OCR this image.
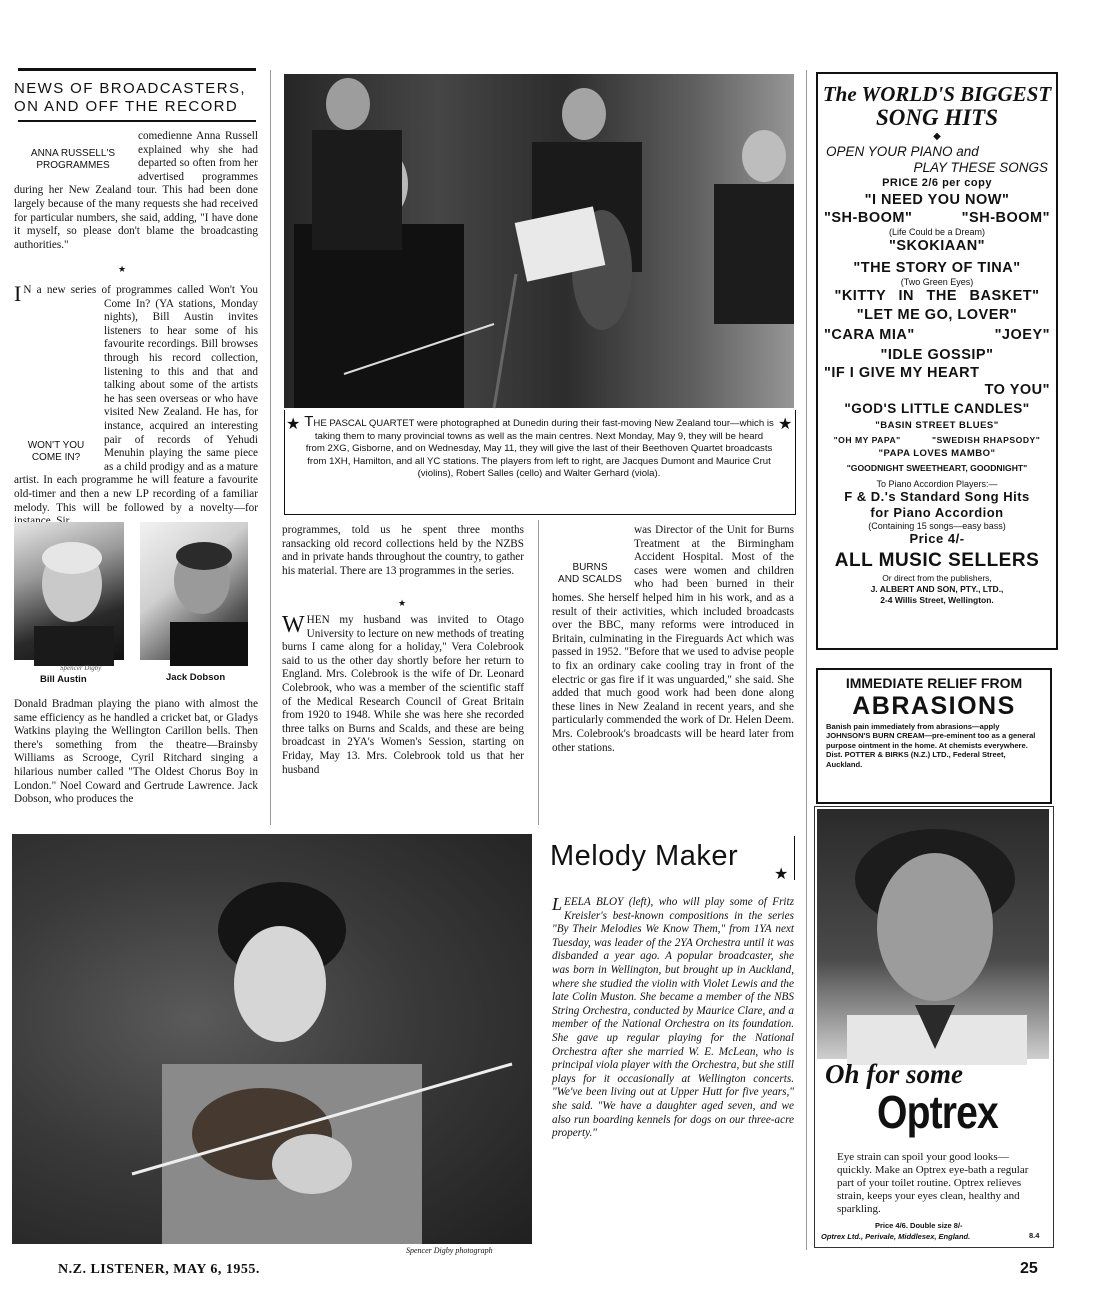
NEWS OF BROADCASTERS,
ON AND OFF THE RECORD
ANNA RUSSELL'S
PROGRAMMES

comedienne Anna Russell explained why she had departed so often from her advertised programmes during her New Zealand tour. This had been done largely because of the many requests she had received for particular numbers, she said, adding, "I have done it myself, so please don't blame the broadcasting authorities."

★
I
WON'T YOU
COME IN?

N a new series of programmes called Won't You Come In? (YA stations, Monday nights), Bill Austin invites listeners to hear some of his favourite recordings. Bill browses through his record collection, listening to this and that and talking about some of the artists he has seen overseas or who have visited New Zealand. He has, for instance, acquired an interesting pair of records of Yehudi Menuhin playing the same piece as a child prodigy and as a mature artist. In each programme he will feature a favourite old-timer and then a new LP recording of a familiar melody. This will be followed by a novelty—for

Spencer Digby
Bill Austin	Jack Dobson

Donald Bradman playing the piano with almost the same efficiency as he handled a cricket bat, or Gladys Watkins playing the Wellington Carillon bells. Then there's something from the theatre—Brainsby Williams as Scrooge, Cyril Ritchard singing a hilarious number called "The Oldest Chorus Boy in London." Noel Coward and Gertrude Lawrence. Jack Dobson, who produces the

★	★
THE PASCAL QUARTET were photographed at Dunedin during their fast-moving New Zealand tour—which is taking them to many provincial towns as well as the main centres. Next Monday, May 9, they will be heard from 2XG, Gisborne, and on Wednesday, May 11, they will give the last of their Beethoven Quartet broadcasts from 1XH, Hamilton, and all YC stations. The players from left to right, are Jacques Dumont and Maurice Crut (violins), Robert Salles (cello) and Walter Gerhard (viola).

programmes, told us he spent three months ransacking old record collections held by the NZBS and in private hands throughout the country, to gather his material. There are 13 programmes in the series.

★
W HEN my husband was invited to Otago University to lecture on new methods of treating burns I came along for a holiday," Vera Colebrook said to us the other day shortly before her return to England. Mrs. Colebrook is the wife of Dr. Leonard Colebrook, who was a member of the scientific staff of the Medical Research Council of Great Britain from 1920 to 1948. While she was here she recorded three talks on Burns and Scalds, and these are being broadcast in 2YA's Women's Session, starting on Friday, May 13. Mrs. Colebrook told us that her husband

BURNS
AND SCALDS

was Director of the Unit for Burns Treatment at the Birmingham Accident Hospital. Most of the cases were women and children who had been burned in their homes. She herself helped him in his work, and as a result of their activities, which included broadcasts over the BBC, many reforms were introduced in Britain, culminating in the Fireguards Act which was passed in 1952. "Before that we used to advise people to fix an ordinary cake cooling tray in front of the electric or gas fire if it was unguarded," she said. She added that much good work had been done along these lines in New Zealand in recent years, and she particularly commended the work of Dr. Helen Deem. Mrs. Colebrook's broadcasts will be heard later from other stations.

Spencer Digby photograph
Melody Maker
★
L EELA BLOY (left), who will play some of Fritz Kreisler's best-known compositions in the series "By Their Melodies We Know Them," from 1YA next Tuesday, was leader of the 2YA Orchestra until it was disbanded a year ago. A popular broadcaster, she was born in Wellington, but brought up in Auckland, where she studied the violin with Violet Lewis and the late Colin Muston. She became a member of the NBS String Orchestra, conducted by Maurice Clare, and a member of the National Orchestra on its foundation. She gave up regular playing for the National Orchestra after she married W. E. McLean, who is principal viola player with the Orchestra, but she still plays for it occasionally at Wellington concerts. "We've been living out at Upper Hutt for five years," she said. "We have a daughter aged seven, and we also run boarding kennels for dogs on our three-acre property."

The WORLD'S BIGGEST
SONG HITS
◆
OPEN YOUR PIANO and
PLAY THESE SONGS
PRICE 2/6 per copy
"I NEED YOU NOW"
"SH-BOOM"	"SH-BOOM"
(Life Could be a Dream)
"SKOKIAAN"
"THE STORY OF TINA"
(Two Green Eyes)
"KITTY IN THE BASKET"
"LET ME GO, LOVER"
"CARA MIA"	"JOEY"
"IDLE GOSSIP"
"IF I GIVE MY HEART
TO YOU"
"GOD'S LITTLE CANDLES"
"BASIN STREET BLUES"
"OH MY PAPA"	"SWEDISH RHAPSODY"
"PAPA LOVES MAMBO"
"GOODNIGHT SWEETHEART, GOODNIGHT"
To Piano Accordion Players:—
F & D.'s Standard Song Hits
for Piano Accordion
(Containing 15 songs—easy bass)
Price 4/-
ALL MUSIC SELLERS
Or direct from the publishers,
J. ALBERT AND SON, PTY., LTD.,
2-4 Willis Street, Wellington.
IMMEDIATE RELIEF FROM
ABRASIONS
Banish pain immediately from abrasions—apply JOHNSON'S BURN CREAM—pre-eminent too as a general purpose ointment in the home. At chemists everywhere. Dist. POTTER & BIRKS (N.Z.) LTD., Federal Street, Auckland.
Oh for some
Optrex
Eye strain can spoil your good looks—quickly. Make an Optrex eye-bath a regular part of your toilet routine. Optrex relieves strain, keeps your eyes clean, healthy and sparkling.
Price 4/6. Double size 8/-
Optrex Ltd., Perivale, Middlesex, England.	8.4
N.Z. LISTENER, MAY 6, 1955.	25
